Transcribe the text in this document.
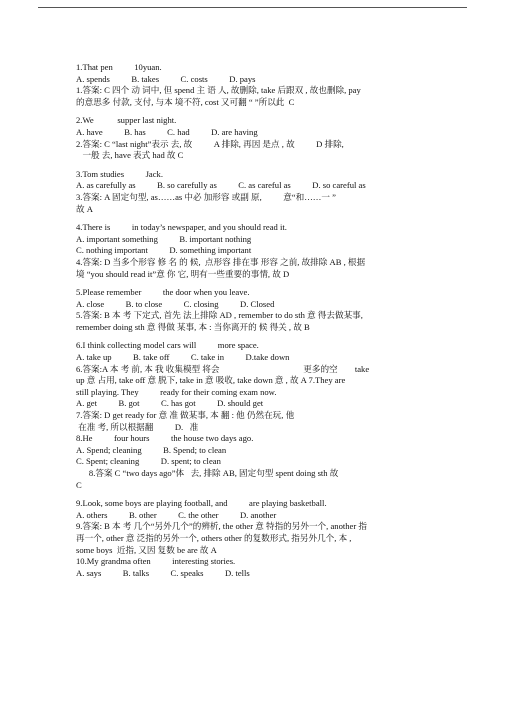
1.That pen          10yuan.
A. spends          B. takes          C. costs          D. pays
1.答案: C 四个 动 词中, 但 spend 主 语 人, 故删除, take 后跟双 , 故也删除, pay
的意思多 付款, 支付, 与本 境不符, cost 又可翻 “ ”所以此  C
2.We           supper last night.
A. have          B. has          C. had          D. are having
2.答案: C “last night”表示 去, 故          A 排除, 再因 是点 , 故          D 排除,
一般 去, have 表式 had 故 C
3.Tom studies          Jack.
A. as carefully as          B. so carefully as          C. as careful as          D. so careful as
3.答案: A 固定句型, as……as 中必 加形容 或副 原,          意“和……一 ”
故 A
4.There is          in today’s newspaper, and you should read it.
A. important something          B. important nothing
C. nothing important          D. something important
4.答案: D 当多个形容 修 名 的 候,  点形容 排在事 形容 之前, 故排除 AB , 根据
境 “you should read it”意 你 它, 明有一些重要的事情, 故 D
5.Please remember          the door when you leave.
A. close          B. to close          C. closing          D. Closed
5.答案: B 本 考 下定式, 首先 法上排除 AD , remember to do sth 意 得去做某事,
remember doing sth 意 得做 某事, 本 : 当你离开的 候 得关 , 故 B
6.I think collecting model cars will          more space.
A. take up          B. take off          C. take in          D.take down
6.答案:A 本 考 前, 本 我 收集模型 将会                                       更多的空        take
up 意 占用, take off 意 脱下, take in 意 吸收, take down 意 , 故 A 7.They are
still playing. They          ready for their coming exam now.
A. get          B. got          C. has got          D. should get
7.答案: D get ready for 意 准 做某事, 本 翻 : 他 仍然在玩, 他
在准 考, 所以根据翻          D.   准
8.He          four hours          the house two days ago.
A. Spend; cleaning          B. Spend; to clean
C. Spent; cleaning          D. spent; to clean
8.答案 C “two days ago”体   去, 排除 AB, 固定句型 spent doing sth 故
C
9.Look, some boys are playing football, and          are playing basketball.
A. others          B. other          C. the other          D. another
9.答案: B 本 考 几个“另外几个”的辨析, the other 意 特指的另外一个, another 指
再一个, other 意 泛指的另外一个, others other 的复数形式, 指另外几个, 本 ,
some boys  近指, 又因 复数 be are 故 A
10.My grandma often          interesting stories.
A. says          B. talks          C. speaks          D. tells
